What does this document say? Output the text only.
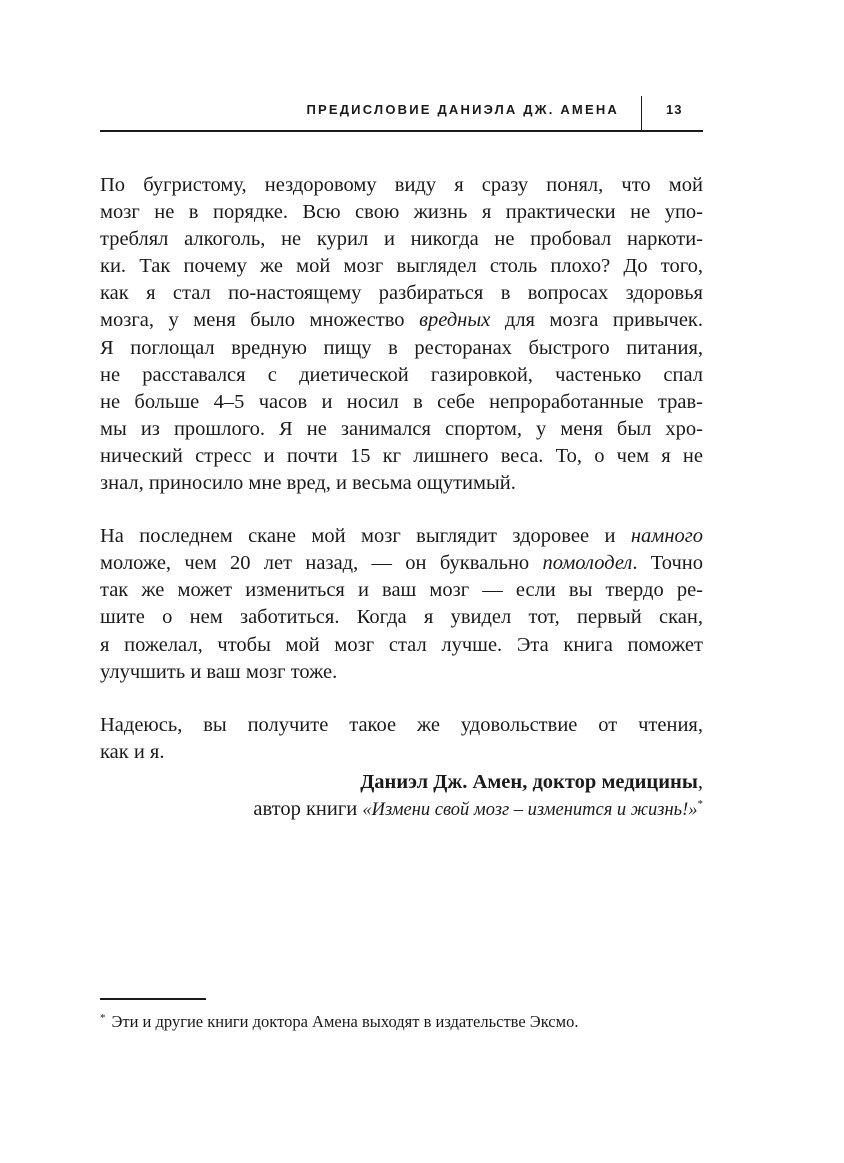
ПРЕДИСЛОВИЕ ДАНИЭЛА ДЖ. АМЕНА	13
По бугристому, нездоровому виду я сразу понял, что мой
мозг не в порядке. Всю свою жизнь я практически не упо-
треблял алкоголь, не курил и никогда не пробовал наркоти-
ки. Так почему же мой мозг выглядел столь плохо? До того,
как я стал по-настоящему разбираться в вопросах здоровья
мозга, у меня было множество вредных для мозга привычек.
Я поглощал вредную пищу в ресторанах быстрого питания,
не расставался с диетической газировкой, частенько спал
не больше 4–5 часов и носил в себе непроработанные трав-
мы из прошлого. Я не занимался спортом, у меня был хро-
нический стресс и почти 15 кг лишнего веса. То, о чем я не
знал, приносило мне вред, и весьма ощутимый.
На последнем скане мой мозг выглядит здоровее и намного
моложе, чем 20 лет назад, — он буквально помолодел. Точно
так же может измениться и ваш мозг — если вы твердо ре-
шите о нем заботиться. Когда я увидел тот, первый скан,
я пожелал, чтобы мой мозг стал лучше. Эта книга поможет
улучшить и ваш мозг тоже.
Надеюсь, вы получите такое же удовольствие от чтения,
как и я.
Даниэл Дж. Амен, доктор медицины,
автор книги «Измени свой мозг – изменится и жизнь!»*
* Эти и другие книги доктора Амена выходят в издательстве Эксмо.
